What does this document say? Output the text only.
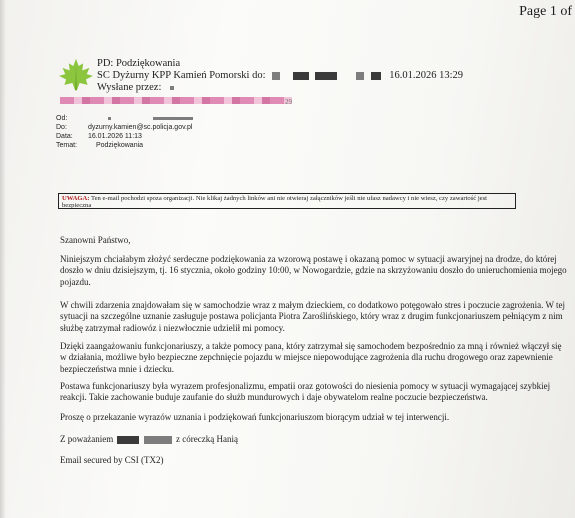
Page 1 of
PD: Podziękowania
SC Dyżurny KPP Kamień Pomorski do:	16.01.2026 13:29
Wysłane przez:
29
Od:
Do:	dyzurny.kamien@sc.policja.gov.pl
Data: 16.01.2026 11:13
Temat:	Podziękowania
UWAGA: Ten e-mail pochodzi spoza organizacji. Nie klikaj żadnych linków ani nie otwieraj załączników jeśli nie ufasz nadawcy i nie wiesz, czy zawartość jest bezpieczna
Szanowni Państwo,
Niniejszym chciałabym złożyć serdeczne podziękowania za wzorową postawę i okazaną pomoc w sytuacji awaryjnej na drodze, do której doszło w dniu dzisiejszym, tj. 16 stycznia, około godziny 10:00, w Nowogardzie, gdzie na skrzyżowaniu doszło do unieruchomienia mojego pojazdu.
W chwili zdarzenia znajdowałam się w samochodzie wraz z małym dzieckiem, co dodatkowo potęgowało stres i poczucie zagrożenia. W tej sytuacji na szczególne uznanie zasługuje postawa policjanta Piotra Zaroślińskiego, który wraz z drugim funkcjonariuszem pełniącym z nim służbę zatrzymał radiowóz i niezwłocznie udzielił mi pomocy.
Dzięki zaangażowaniu funkcjonariuszy, a także pomocy pana, który zatrzymał się samochodem bezpośrednio za mną i również włączył się w działania, możliwe było bezpieczne zepchnięcie pojazdu w miejsce niepowodujące zagrożenia dla ruchu drogowego oraz zapewnienie bezpieczeństwa mnie i dziecku.
Postawa funkcjonariuszy była wyrazem profesjonalizmu, empatii oraz gotowości do niesienia pomocy w sytuacji wymagającej szybkiej reakcji. Takie zachowanie buduje zaufanie do służb mundurowych i daje obywatelom realne poczucie bezpieczeństwa.
Proszę o przekazanie wyrazów uznania i podziękowań funkcjonariuszom biorącym udział w tej interwencji.
Z poważaniem	z córeczką Hanią
Email secured by CSI (TX2)
